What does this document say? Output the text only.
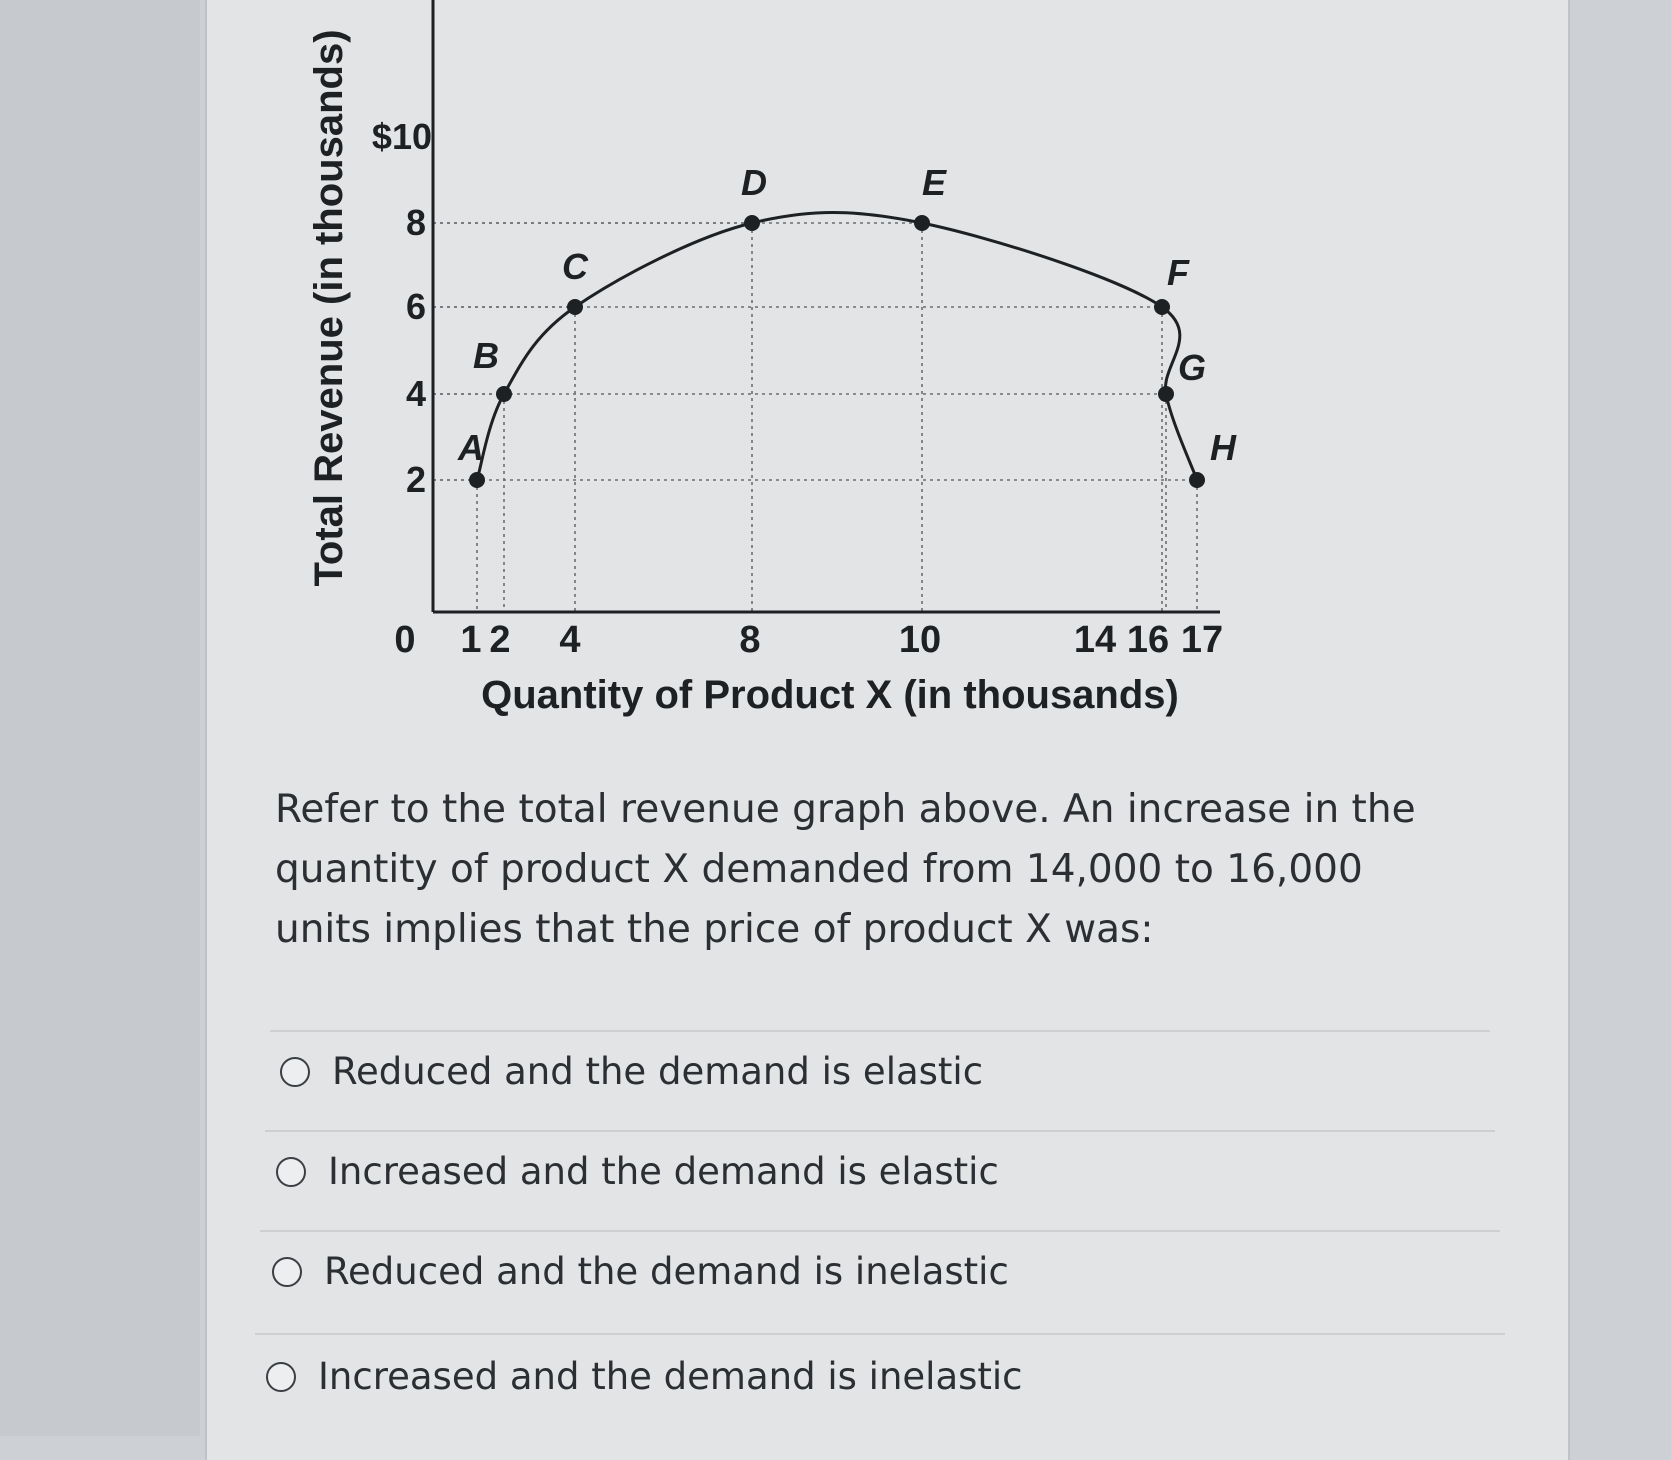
A
B
C
D	E
F
G
H
2
4
6
8
$10
0 1 2 4	8	10	14 16 17
Quantity of Product X (in thousands)
Total Revenue (in thousands)

Refer to the total revenue graph above. An increase in the quantity of product X demanded from 14,000 to 16,000 units implies that the price of product X was:

Reduced and the demand is elastic
Increased and the demand is elastic
Reduced and the demand is inelastic
Increased and the demand is inelastic
